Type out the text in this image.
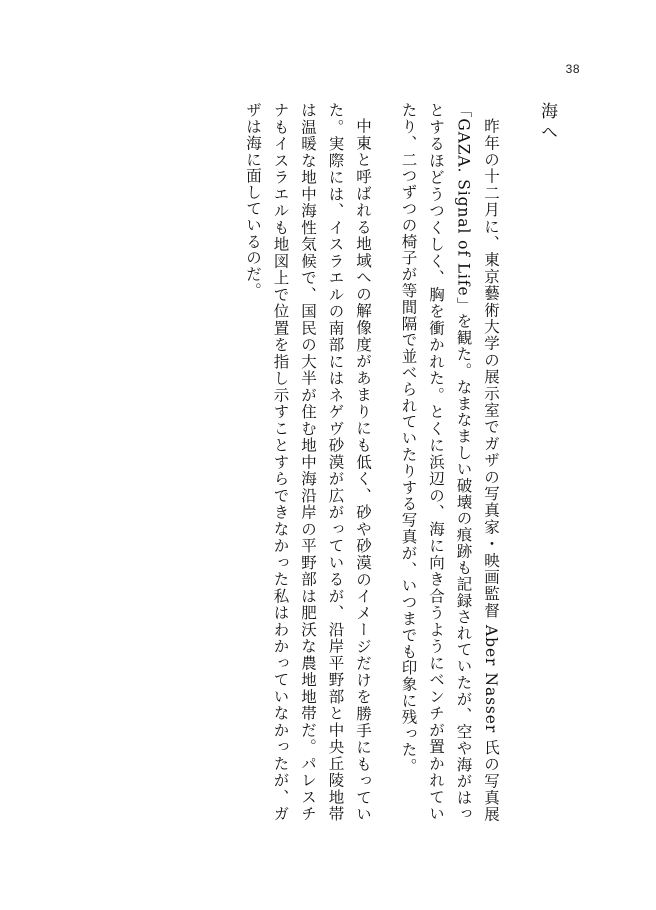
38
海へ

昨年の十二月に、東京藝術大学の展示室でガザの写真家・映画監督 Aber Nasser 氏の写真展「GAZA. Signal of Life」を観た。なまなましい破壊の痕跡も記録されていたが、空や海がはっとするほどうつくしく、胸を衝かれた。とくに浜辺の、海に向き合うようにベンチが置かれていたり、二つずつの椅子が等間隔で並べられていたりする写真が、いつまでも印象に残った。

中東と呼ばれる地域への解像度があまりにも低く、砂や砂漠のイメージだけを勝手にもっていた。実際には、イスラエルの南部にはネゲヴ砂漠が広がっているが、沿岸平野部と中央丘陵地帯は温暖な地中海性気候で、国民の大半が住む地中海沿岸の平野部は肥沃な農地地帯だ。パレスチナもイスラエルも地図上で位置を指し示すことすらできなかった私はわかっていなかったが、ガザは海に面しているのだ。
